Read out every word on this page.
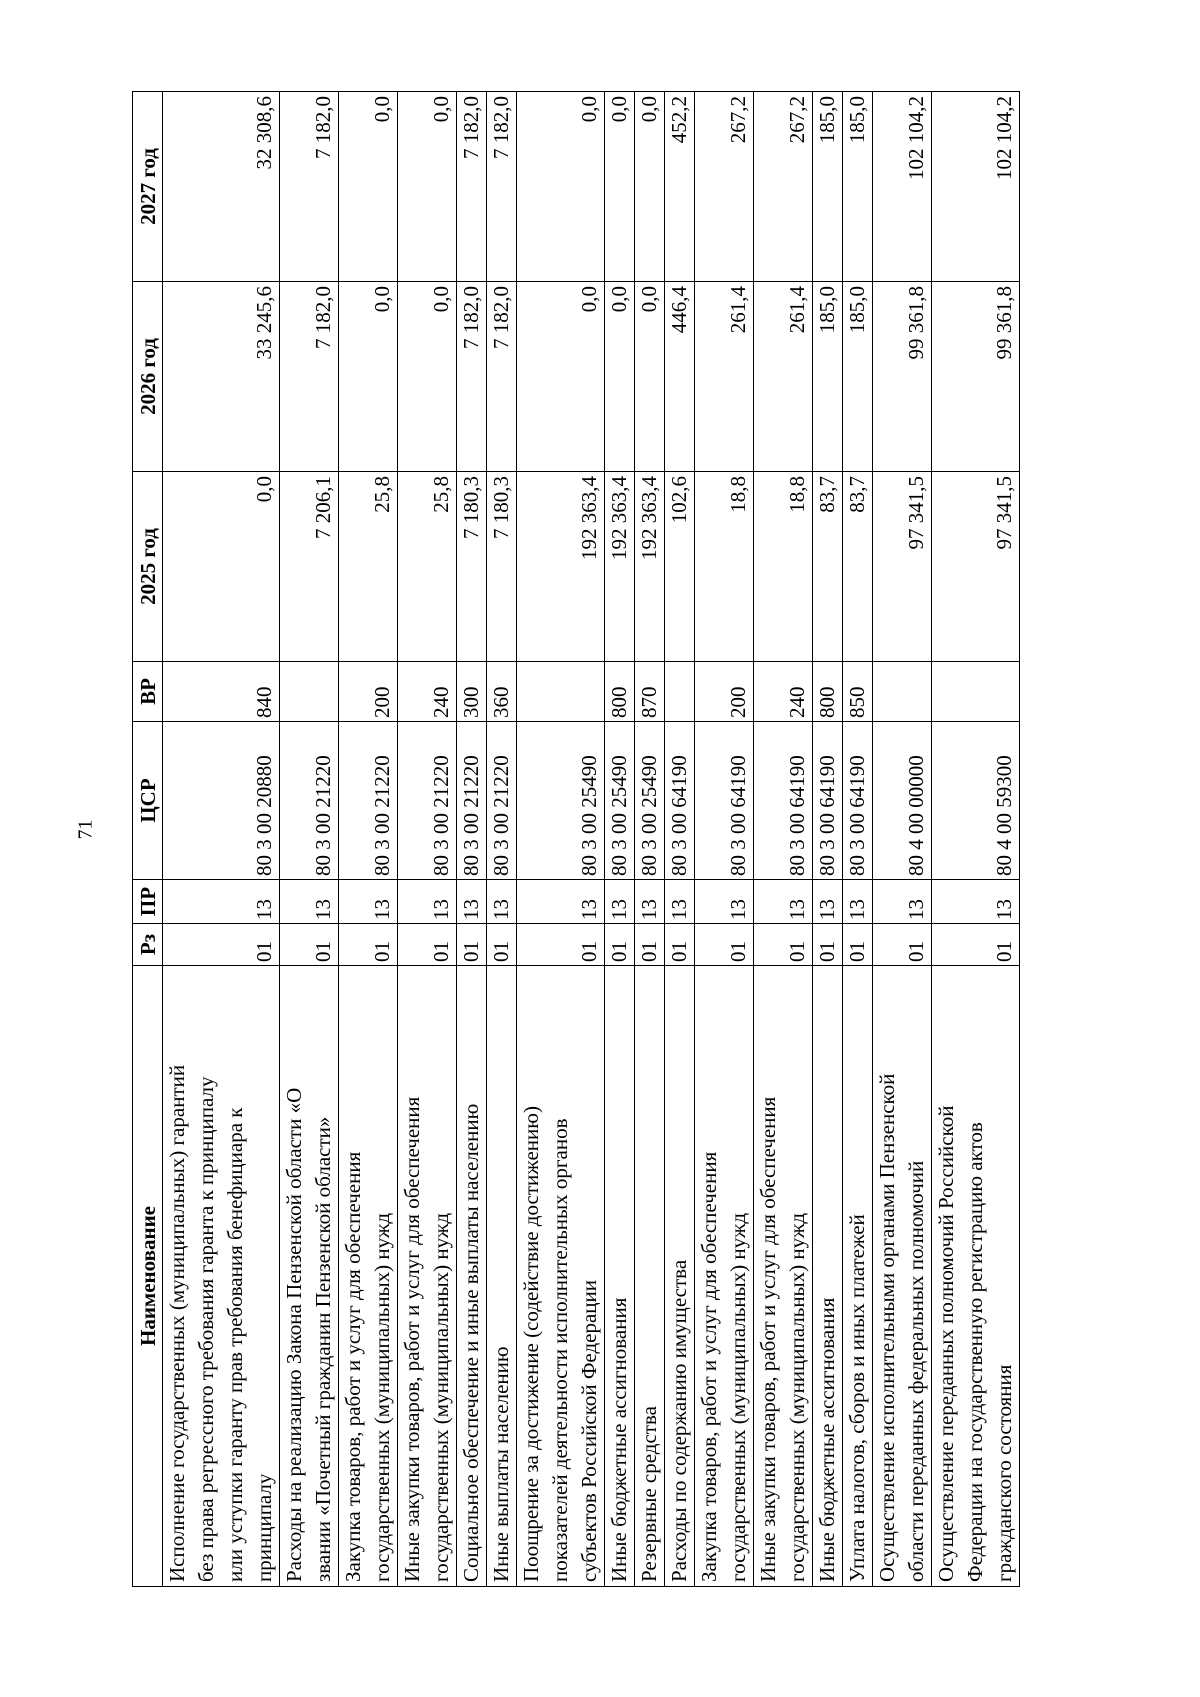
71
Наименование	Рз	ПР	ЦСР	ВР	2025 год	2026 год	2027 год

Исполнение государственных (муниципальных) гарантий без права регрессного требования гаранта к принципалу или уступки гаранту прав требования бенефициара к принципалу	01	13	80 3 00 20880	840	0,0	33 245,6	32 308,6

Расходы на реализацию Закона Пензенской области «О звании «Почетный гражданин Пензенской области»	01	13	80 3 00 21220		7 206,1	7 182,0	7 182,0

Закупка товаров, работ и услуг для обеспечения государственных (муниципальных) нужд	01	13	80 3 00 21220	200	25,8	0,0	0,0

Иные закупки товаров, работ и услуг для обеспечения государственных (муниципальных) нужд	01	13	80 3 00 21220	240	25,8	0,0	0,0

Социальное обеспечение и иные выплаты населению	01	13	80 3 00 21220	300	7 180,3	7 182,0	7 182,0

Иные выплаты населению	01	13	80 3 00 21220	360	7 180,3	7 182,0	7 182,0

Поощрение за достижение (содействие достижению) показателей деятельности исполнительных органов субъектов Российской Федерации	01	13	80 3 00 25490		192 363,4	0,0	0,0

Иные бюджетные ассигнования	01	13	80 3 00 25490	800	192 363,4	0,0	0,0

Резервные средства	01	13	80 3 00 25490	870	192 363,4	0,0	0,0

Расходы по содержанию имущества	01	13	80 3 00 64190		102,6	446,4	452,2

Закупка товаров, работ и услуг для обеспечения государственных (муниципальных) нужд	01	13	80 3 00 64190	200	18,8	261,4	267,2

Иные закупки товаров, работ и услуг для обеспечения государственных (муниципальных) нужд	01	13	80 3 00 64190	240	18,8	261,4	267,2

Иные бюджетные ассигнования	01	13	80 3 00 64190	800	83,7	185,0	185,0

Уплата налогов, сборов и иных платежей	01	13	80 3 00 64190	850	83,7	185,0	185,0

Осуществление исполнительными органами Пензенской области переданных федеральных полномочий	01	13	80 4 00 00000		97 341,5	99 361,8	102 104,2

Осуществление переданных полномочий Российской Федерации на государственную регистрацию актов гражданского состояния	01	13	80 4 00 59300		97 341,5	99 361,8	102 104,2
